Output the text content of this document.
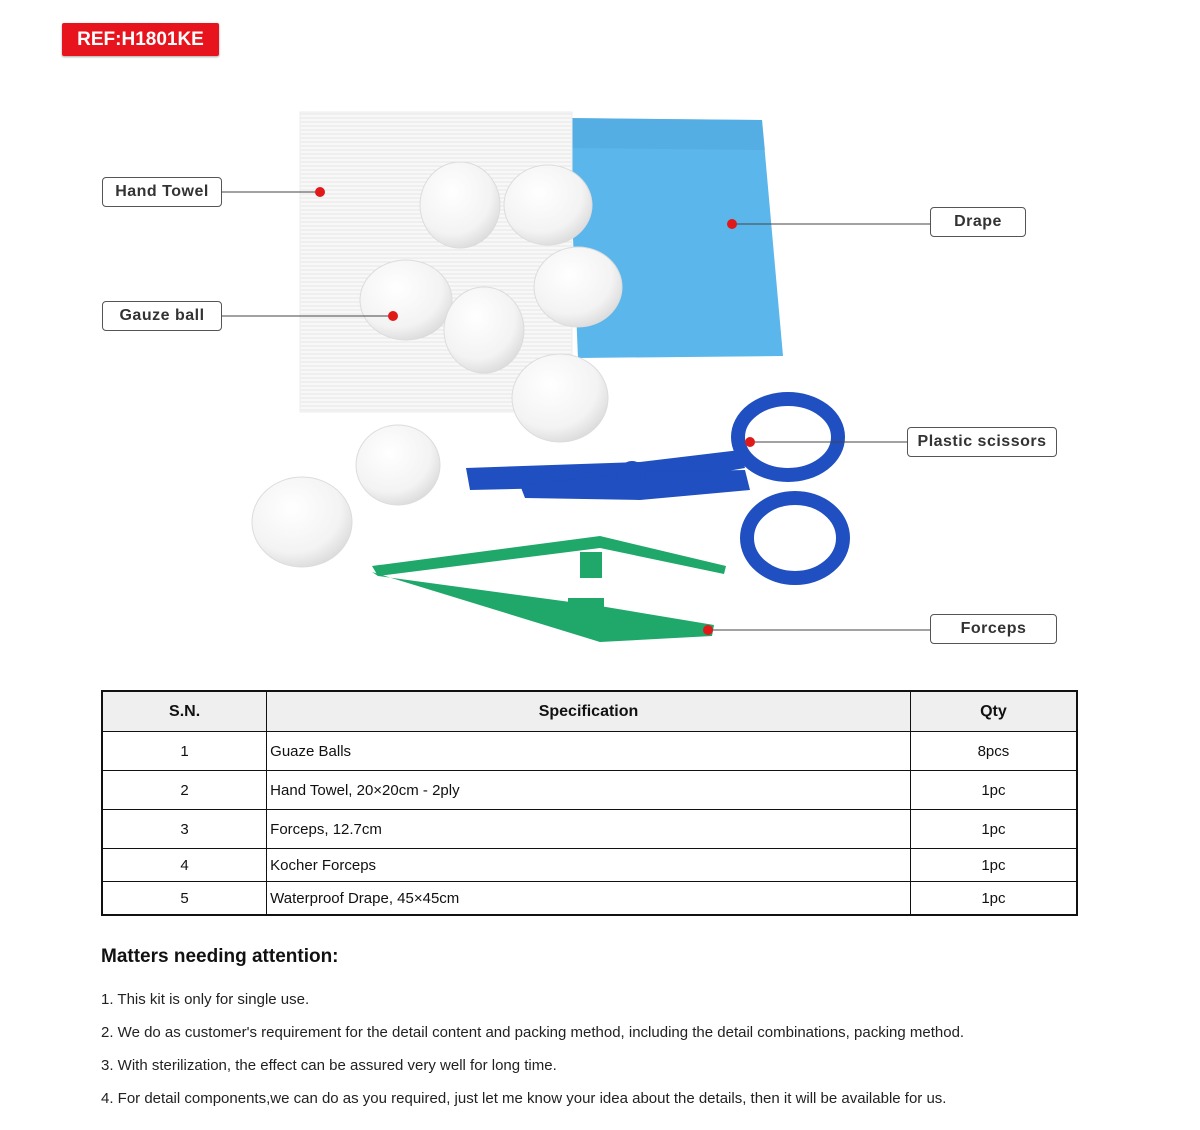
REF:H1801KE
Hand Towel
Gauze ball
Drape
Plastic scissors
Forceps
S.N.	Specification	Qty
1	Guaze Balls	8pcs
2	Hand Towel, 20×20cm - 2ply	1pc
3	Forceps, 12.7cm	1pc
4	Kocher Forceps	1pc
5	Waterproof Drape, 45×45cm	1pc
Matters needing attention:
1. This kit is only for single use.
2. We do as customer's requirement for the detail content and packing method, including the detail combinations, packing method.
3. With sterilization, the effect can be assured very well for long time.
4. For detail components,we can do as you required, just let me know your idea about the details, then it will be available for us.
